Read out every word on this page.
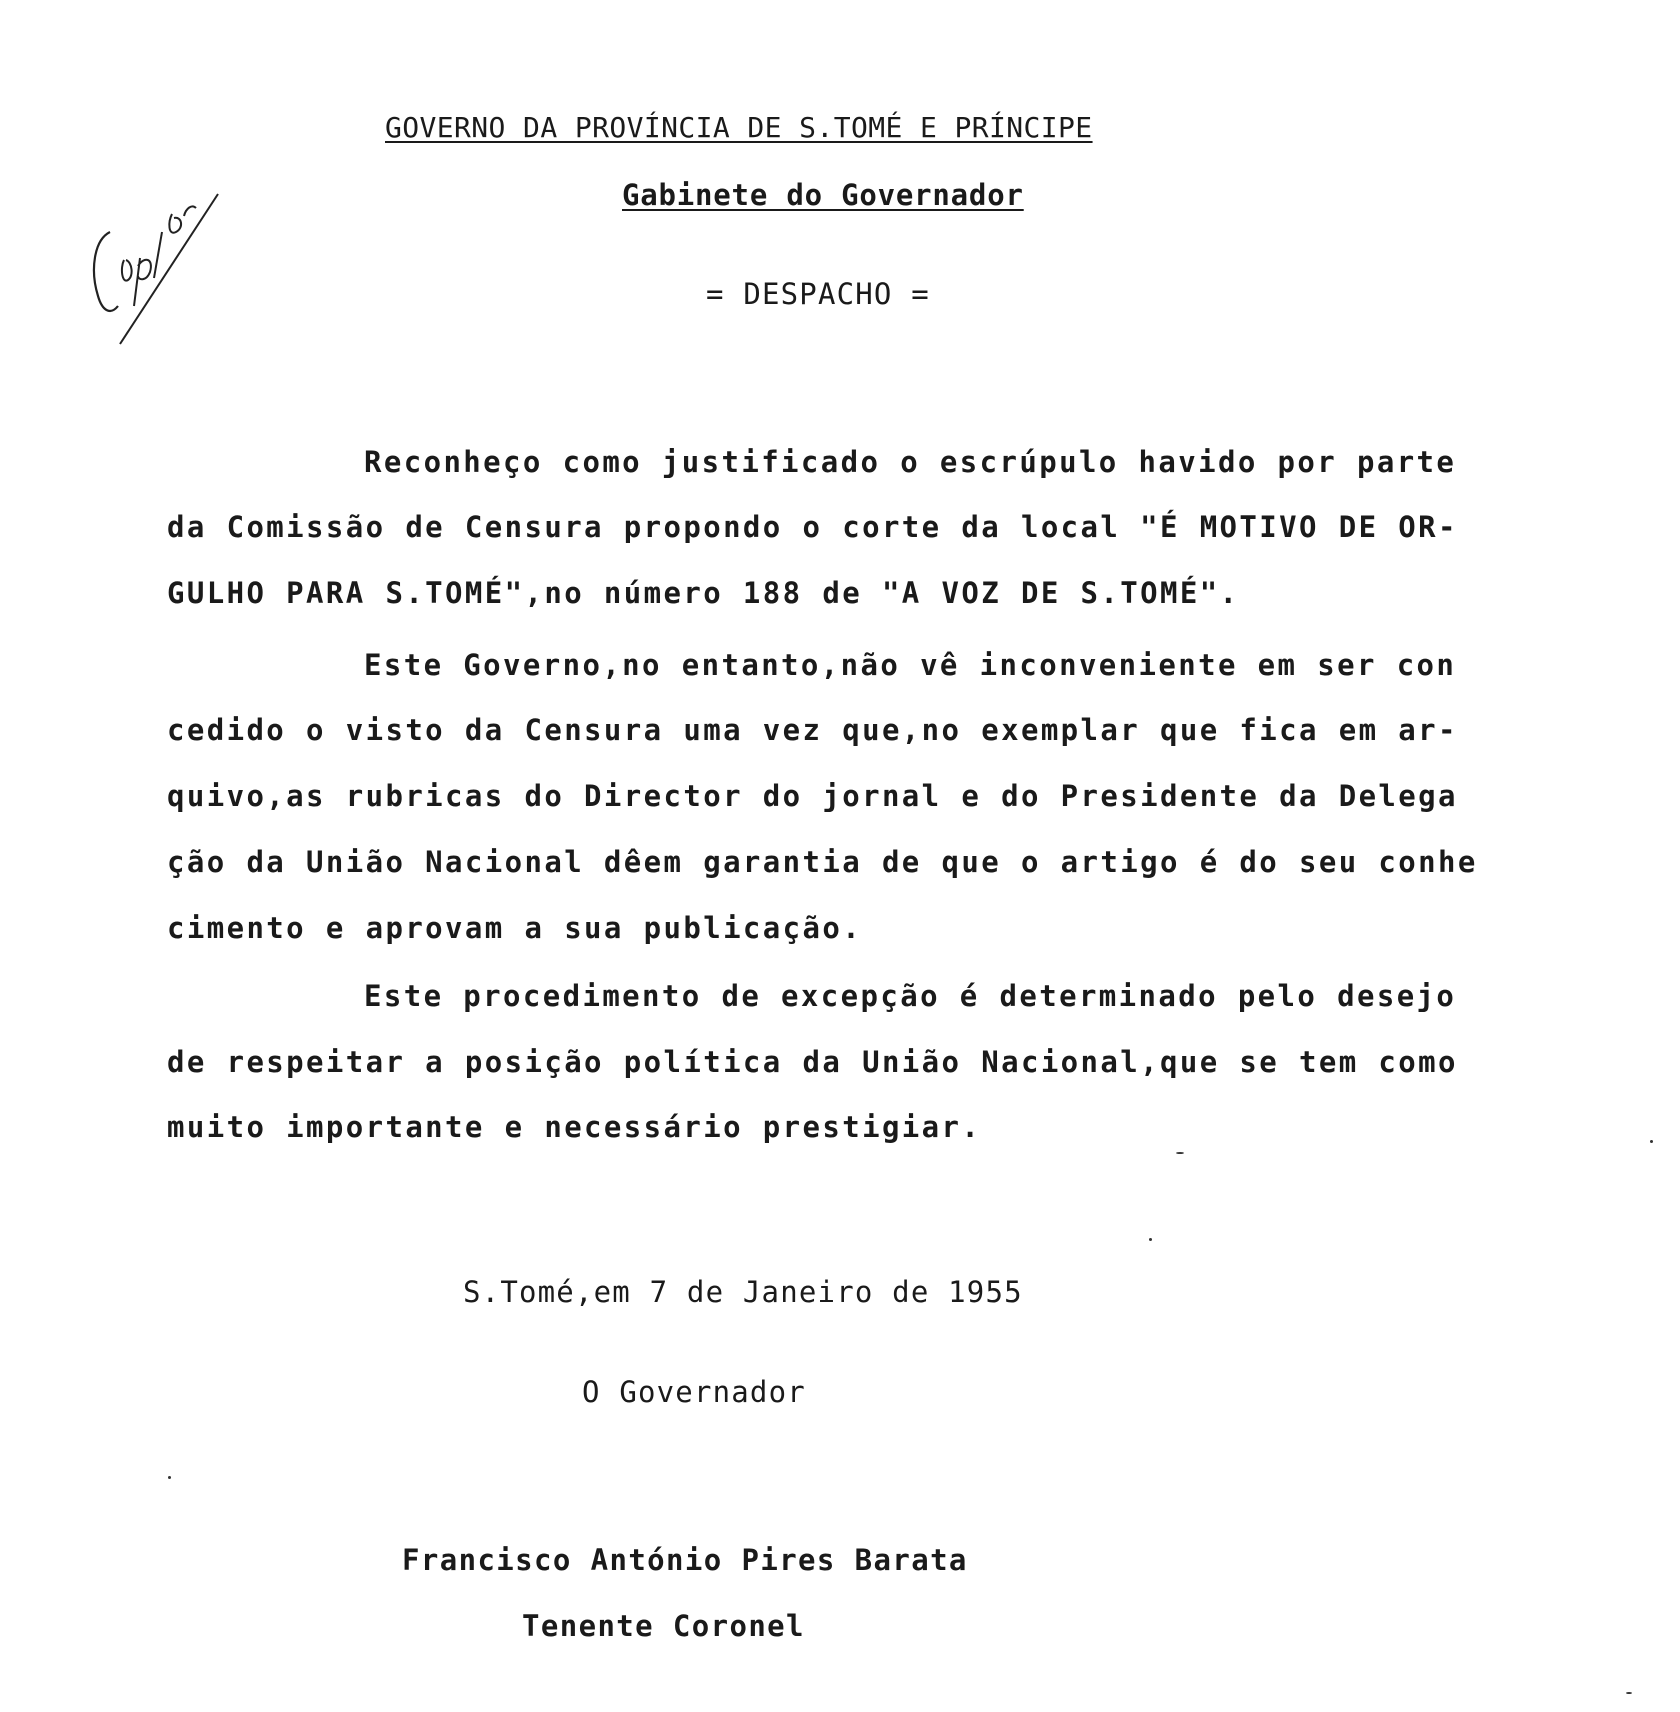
GOVERNO DA PROVÍNCIA DE S.TOMÉ E PRÍNCIPE
Gabinete do Governador
= DESPACHO =
Cópia
Reconheço como justificado o escrúpulo havido por parte
da Comissão de Censura propondo o corte da local "É MOTIVO DE OR-
GULHO PARA S.TOMÉ",no número 188 de "A VOZ DE S.TOMÉ".
Este Governo,no entanto,não vê inconveniente em ser con
cedido o visto da Censura uma vez que,no exemplar que fica em ar-
quivo,as rubricas do Director do jornal e do Presidente da Delega
ção da União Nacional dêem garantia de que o artigo é do seu conhe
cimento e aprovam a sua publicação.
Este procedimento de excepção é determinado pelo desejo
de respeitar a posição política da União Nacional,que se tem como
muito importante e necessário prestigiar.
S.Tomé,em 7 de Janeiro de 1955
O Governador
Francisco António Pires Barata
Tenente Coronel
